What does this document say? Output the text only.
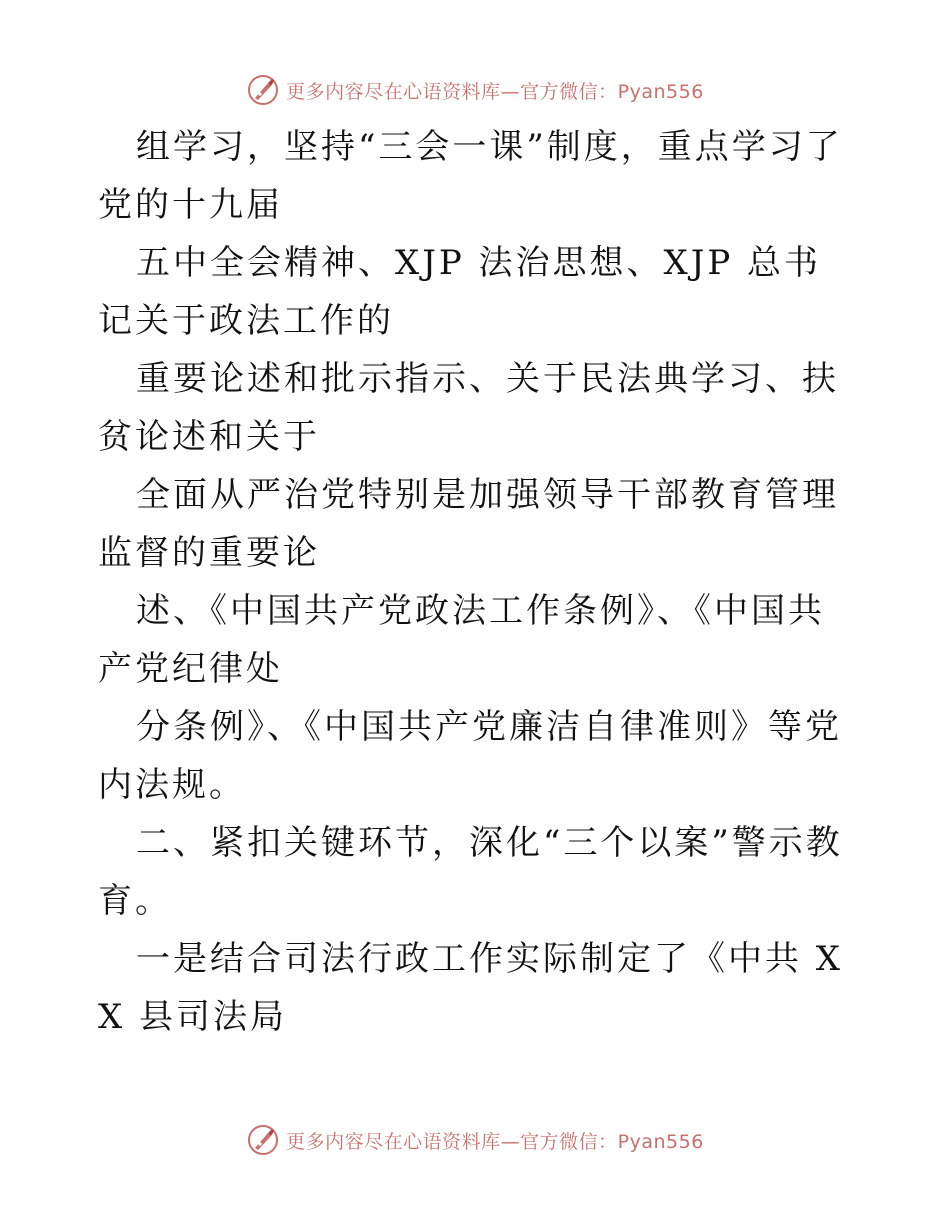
更多内容尽在心语资料库—官方微信：Pyan556

组学习，坚持“三会一课”制度，重点学习了党的十九届

五中全会精神、XJP 法治思想、XJP 总书记关于政法工作的

重要论述和批示指示、关于民法典学习、扶贫论述和关于

全面从严治党特别是加强领导干部教育管理监督的重要论

述、《中国共产党政法工作条例》、《中国共产党纪律处

分条例》、《中国共产党廉洁自律准则》等党内法规。

二、紧扣关键环节，深化“三个以案”警示教育。

一是结合司法行政工作实际制定了《中共 XX 县司法局

更多内容尽在心语资料库—官方微信：Pyan556
